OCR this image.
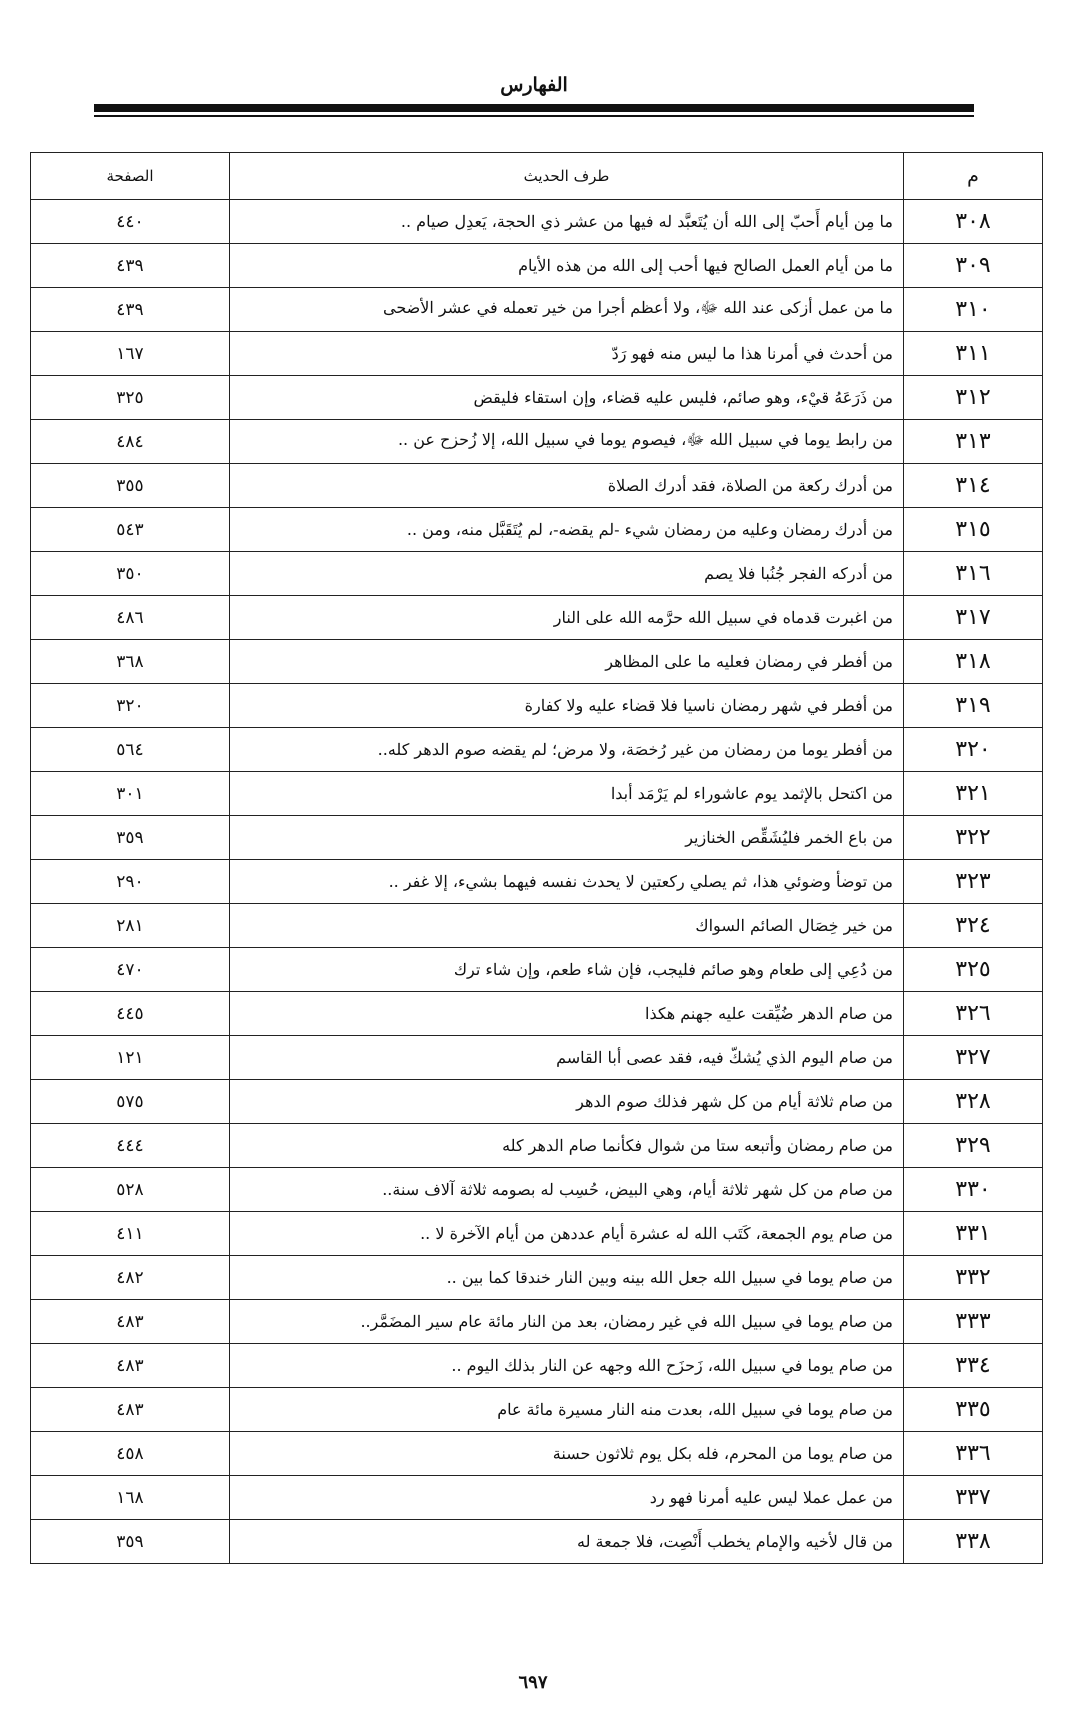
الفهارس
م	طرف الحديث	الصفحة
٣٠٨	ما مِن أيام أَحبّ إلى الله أن يُتَعبَّد له فيها من عشر ذي الحجة، يَعدِل صيام ..	٤٤٠
٣٠٩	ما من أيام العمل الصالح فيها أحب إلى الله من هذه الأيام	٤٣٩
٣١٠	ما من عمل أزكى عند الله ﷻ، ولا أعظم أجرا من خير تعمله في عشر الأضحى	٤٣٩
٣١١	من أحدث في أمرنا هذا ما ليس منه فهو رَدّ	١٦٧
٣١٢	من ذَرَعَهُ قيْء، وهو صائم، فليس عليه قضاء، وإن استقاء فليقض	٣٢٥
٣١٣	من رابط يوما في سبيل الله ﷻ، فيصوم يوما في سبيل الله، إلا زُحزح عن ..	٤٨٤
٣١٤	من أدرك ركعة من الصلاة، فقد أدرك الصلاة	٣٥٥
٣١٥	من أدرك رمضان وعليه من رمضان شيء -لم يقضه-، لم يُتَقَبَّل منه، ومن ..	٥٤٣
٣١٦	من أدركه الفجر جُنُبا فلا يصم	٣٥٠
٣١٧	من اغبرت قدماه في سبيل الله حرَّمه الله على النار	٤٨٦
٣١٨	من أفطر في رمضان فعليه ما على المظاهر	٣٦٨
٣١٩	من أفطر في شهر رمضان ناسيا فلا قضاء عليه ولا كفارة	٣٢٠
٣٢٠	من أفطر يوما من رمضان من غير رُخصَة، ولا مرض؛ لم يقضه صوم الدهر كله..	٥٦٤
٣٢١	من اكتحل بالإثمد يوم عاشوراء لم يَرْمَد أبدا	٣٠١
٣٢٢	من باع الخمر فليُشَقِّص الخنازير	٣٥٩
٣٢٣	من توضأ وضوئي هذا، ثم يصلي ركعتين لا يحدث نفسه فيهما بشيء، إلا غفر ..	٢٩٠
٣٢٤	من خير خِصَال الصائم السواك	٢٨١
٣٢٥	من دُعِي إلى طعام وهو صائم فليجب، فإن شاء طعم، وإن شاء ترك	٤٧٠
٣٢٦	من صام الدهر ضُيِّقت عليه جهنم هكذا	٤٤٥
٣٢٧	من صام اليوم الذي يُشكّ فيه، فقد عصى أبا القاسم	١٢١
٣٢٨	من صام ثلاثة أيام من كل شهر فذلك صوم الدهر	٥٧٥
٣٢٩	من صام رمضان وأتبعه ستا من شوال فكأنما صام الدهر كله	٤٤٤
٣٣٠	من صام من كل شهر ثلاثة أيام، وهي البيض، حُسِب له بصومه ثلاثة آلاف سنة..	٥٢٨
٣٣١	من صام يوم الجمعة، كَتَب الله له عشرة أيام عددهن من أيام الآخرة لا ..	٤١١
٣٣٢	من صام يوما في سبيل الله جعل الله بينه وبين النار خندقا كما بين ..	٤٨٢
٣٣٣	من صام يوما في سبيل الله في غير رمضان، بعد من النار مائة عام سير المضَمَّر..	٤٨٣
٣٣٤	من صام يوما في سبيل الله، زَحزَح الله وجهه عن النار بذلك اليوم ..	٤٨٣
٣٣٥	من صام يوما في سبيل الله، بعدت منه النار مسيرة مائة عام	٤٨٣
٣٣٦	من صام يوما من المحرم، فله بكل يوم ثلاثون حسنة	٤٥٨
٣٣٧	من عمل عملا ليس عليه أمرنا فهو رد	١٦٨
٣٣٨	من قال لأخيه والإمام يخطب أَنْصِت، فلا جمعة له	٣٥٩
٦٩٧
